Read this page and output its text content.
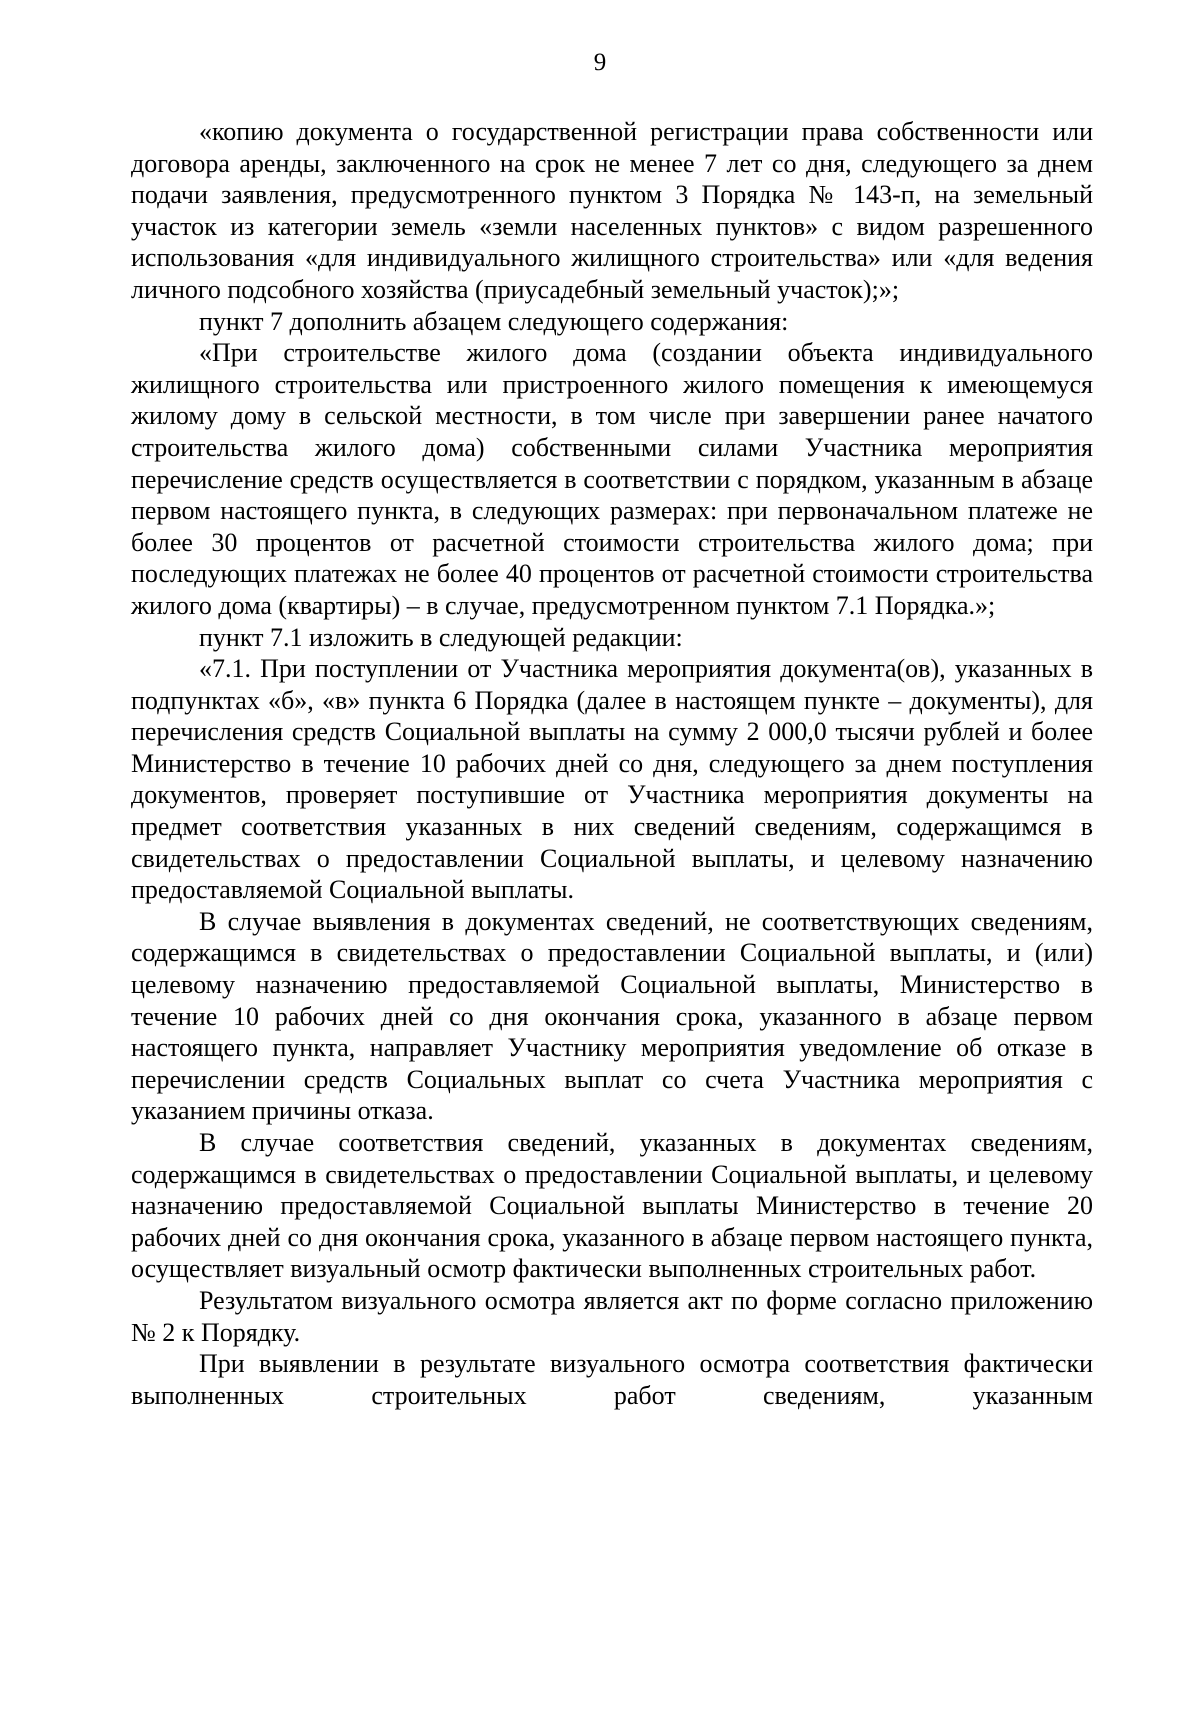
9

«копию документа о государственной регистрации права собственности или договора аренды, заключенного на срок не менее 7 лет со дня, следующего за днем подачи заявления, предусмотренного пунктом 3 Порядка № 143-п, на земельный участок из категории земель «земли населенных пунктов» с видом разрешенного использования «для индивидуального жилищного строительства» или «для ведения личного подсобного хозяйства (приусадебный земельный участок);»;

пункт 7 дополнить абзацем следующего содержания:

«При строительстве жилого дома (создании объекта индивидуального жилищного строительства или пристроенного жилого помещения к имеющемуся жилому дому в сельской местности, в том числе при завершении ранее начатого строительства жилого дома) собственными силами Участника мероприятия перечисление средств осуществляется в соответствии с порядком, указанным в абзаце первом настоящего пункта, в следующих размерах: при первоначальном платеже не более 30 процентов от расчетной стоимости строительства жилого дома; при последующих платежах не более 40 процентов от расчетной стоимости строительства жилого дома (квартиры) – в случае, предусмотренном пунктом 7.1 Порядка.»;

пункт 7.1 изложить в следующей редакции:

«7.1. При поступлении от Участника мероприятия документа(ов), указанных в подпунктах «б», «в» пункта 6 Порядка (далее в настоящем пункте – документы), для перечисления средств Социальной выплаты на сумму 2 000,0 тысячи рублей и более Министерство в течение 10 рабочих дней со дня, следующего за днем поступления документов, проверяет поступившие от Участника мероприятия документы на предмет соответствия указанных в них сведений сведениям, содержащимся в свидетельствах о предоставлении Социальной выплаты, и целевому назначению предоставляемой Социальной выплаты.

В случае выявления в документах сведений, не соответствующих сведениям, содержащимся в свидетельствах о предоставлении Социальной выплаты, и (или) целевому назначению предоставляемой Социальной выплаты, Министерство в течение 10 рабочих дней со дня окончания срока, указанного в абзаце первом настоящего пункта, направляет Участнику мероприятия уведомление об отказе в перечислении средств Социальных выплат со счета Участника мероприятия с указанием причины отказа.

В случае соответствия сведений, указанных в документах сведениям, содержащимся в свидетельствах о предоставлении Социальной выплаты, и целевому назначению предоставляемой Социальной выплаты Министерство в течение 20 рабочих дней со дня окончания срока, указанного в абзаце первом настоящего пункта, осуществляет визуальный осмотр фактически выполненных строительных работ.

Результатом визуального осмотра является акт по форме согласно приложению № 2 к Порядку.

При выявлении в результате визуального осмотра соответствия фактически выполненных строительных работ сведениям, указанным
